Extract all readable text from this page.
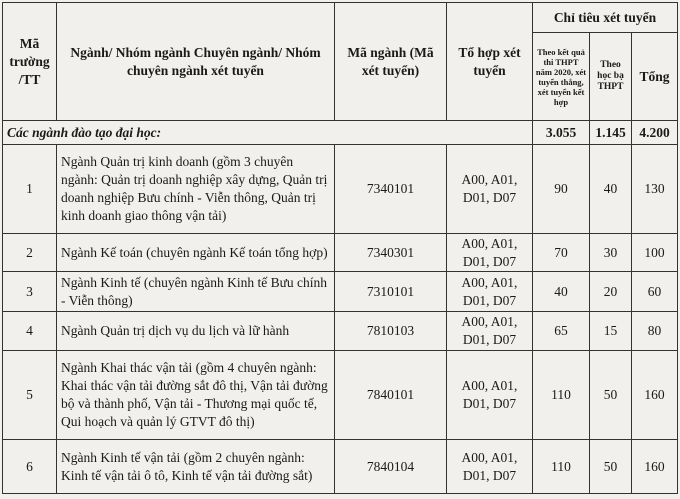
Mã trường /TT	Ngành/ Nhóm ngành Chuyên ngành/ Nhóm chuyên ngành xét tuyển	Mã ngành (Mã xét tuyển)	Tổ hợp xét tuyển	Chỉ tiêu xét tuyển		
				Theo kết quả thi THPT năm 2020, xét tuyển thẳng, xét tuyển kết hợp	Theo học bạ THPT	Tổng
Các ngành đào tạo đại học:				3.055	1.145	4.200
1	Ngành Quản trị kinh doanh (gồm 3 chuyên ngành: Quản trị doanh nghiệp xây dựng, Quản trị doanh nghiệp Bưu chính - Viễn thông, Quản trị kinh doanh giao thông vận tải)	7340101	A00, A01, D01, D07	90	40	130
2	Ngành Kế toán (chuyên ngành Kế toán tổng hợp)	7340301	A00, A01, D01, D07	70	30	100
3	Ngành Kinh tế (chuyên ngành Kinh tế Bưu chính - Viễn thông)	7310101	A00, A01, D01, D07	40	20	60
4	Ngành Quản trị dịch vụ du lịch và lữ hành	7810103	A00, A01, D01, D07	65	15	80
5	Ngành Khai thác vận tải (gồm 4 chuyên ngành: Khai thác vận tải đường sắt đô thị, Vận tải đường bộ và thành phố, Vận tải - Thương mại quốc tế, Qui hoạch và quản lý GTVT đô thị)	7840101	A00, A01, D01, D07	110	50	160
6	Ngành Kinh tế vận tải (gồm 2 chuyên ngành: Kinh tế vận tải ô tô, Kinh tế vận tải đường sắt)	7840104	A00, A01, D01, D07	110	50	160
